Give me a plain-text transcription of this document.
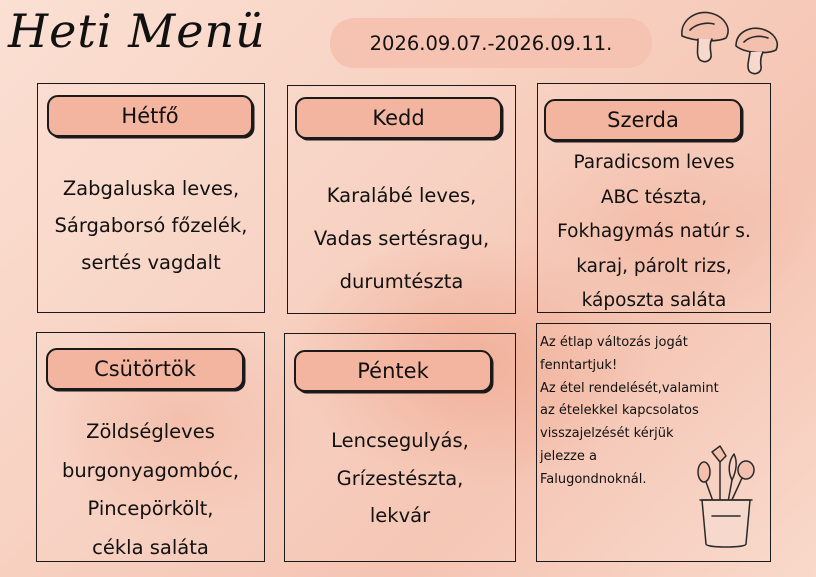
Heti Menü	2026.09.07.-2026.09.11.
Hétfő
Zabgaluska leves,
Sárgaborsó főzelék,
sertés vagdalt
Kedd
Karalábé leves,
Vadas sertésragu,
durumtészta
Szerda
Paradicsom leves
ABC tészta,
Fokhagymás natúr s.
karaj, párolt rizs,
káposzta saláta
Csütörtök
Zöldségleves
burgonyagombóc,
Pincepörkölt,
cékla saláta
Péntek
Lencsegulyás,
Grízestészta,
lekvár
Az étlap változás jogát
fenntartjuk!
Az étel rendelését,valamint
az ételekkel kapcsolatos
visszajelzését kérjük
jelezze a
Falugondnoknál.
